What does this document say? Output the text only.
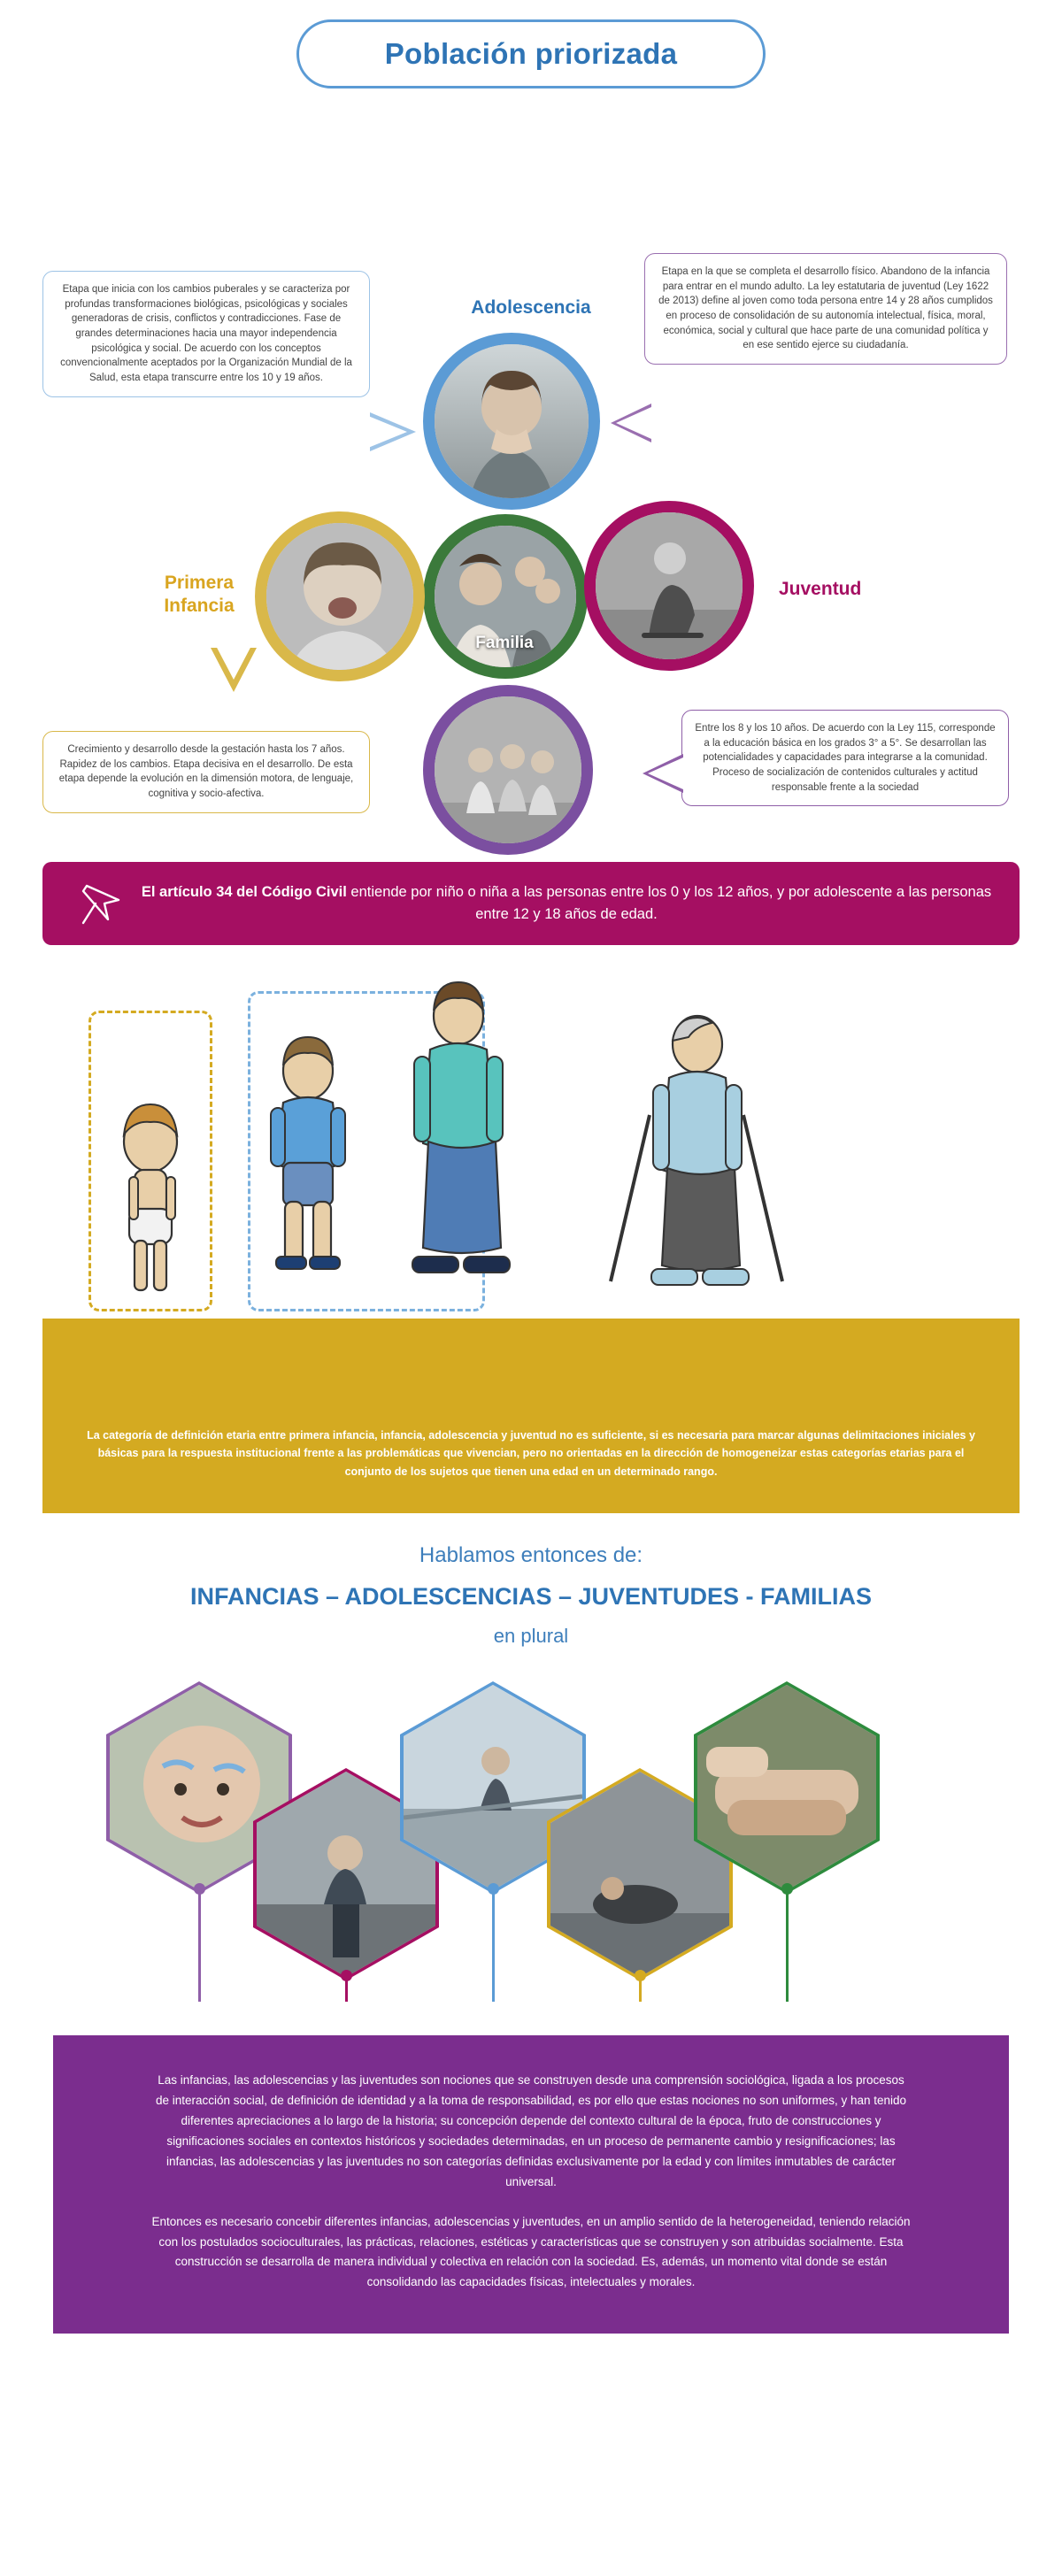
Población priorizada
Adolescencia
Familia
Primera
Infancia
Juventud
Etapa que inicia con los cambios puberales y se caracteriza por profundas transformaciones biológicas, psicológicas y sociales generadoras de crisis, conflictos y contradicciones. Fase de grandes determinaciones hacia una mayor independencia psicológica y social. De acuerdo con los conceptos convencionalmente aceptados por la Organización Mundial de la Salud, esta etapa transcurre entre los 10 y 19 años.
Etapa en la que se completa el desarrollo físico. Abandono de la infancia para entrar en el mundo adulto. La ley estatutaria de juventud (Ley 1622 de 2013) define al joven como toda persona entre 14 y 28 años cumplidos en proceso de consolidación de su autonomía intelectual, física, moral, económica, social y cultural que hace parte de una comunidad política y en ese sentido ejerce su ciudadanía.
Crecimiento y desarrollo desde la gestación hasta los 7 años. Rapidez de los cambios. Etapa decisiva en el desarrollo. De esta etapa depende la evolución en la dimensión motora, de lenguaje, cognitiva y socio-afectiva.
Entre los 8 y los 10 años. De acuerdo con la Ley 115, corresponde a la educación básica en los grados 3° a 5°. Se desarrollan las potencialidades y capacidades para integrarse a la comunidad. Proceso de socialización de contenidos culturales y actitud responsable frente a la sociedad
El artículo 34 del Código Civil entiende por niño o niña a las personas entre los 0 y los 12 años, y por adolescente a las personas entre 12 y 18 años de edad.
La categoría de definición etaria entre primera infancia, infancia, adolescencia y juventud no es suficiente, si es necesaria para marcar algunas delimitaciones iniciales y básicas para la respuesta institucional frente a las problemáticas que vivencian, pero no orientadas en la dirección de homogeneizar estas categorías etarias para el conjunto de los sujetos que tienen una edad en un determinado rango.
Hablamos entonces de:
INFANCIAS – ADOLESCENCIAS – JUVENTUDES - FAMILIAS
en plural

Las infancias, las adolescencias y las juventudes son nociones que se construyen desde una comprensión sociológica, ligada a los procesos de interacción social, de definición de identidad y a la toma de responsabilidad, es por ello que estas nociones no son uniformes, y han tenido diferentes apreciaciones a lo largo de la historia; su concepción depende del contexto cultural de la época, fruto de construcciones y significaciones sociales en contextos históricos y sociedades determinadas, en un proceso de permanente cambio y resignificaciones; las infancias, las adolescencias y las juventudes no son categorías definidas exclusivamente por la edad y con límites inmutables de carácter universal.

Entonces es necesario concebir diferentes infancias, adolescencias y juventudes, en un amplio sentido de la heterogeneidad, teniendo relación con los postulados socioculturales, las prácticas, relaciones, estéticas y características que se construyen y son atribuidas socialmente. Esta construcción se desarrolla de manera individual y colectiva en relación con la sociedad. Es, además, un momento vital donde se están consolidando las capacidades físicas, intelectuales y morales.
